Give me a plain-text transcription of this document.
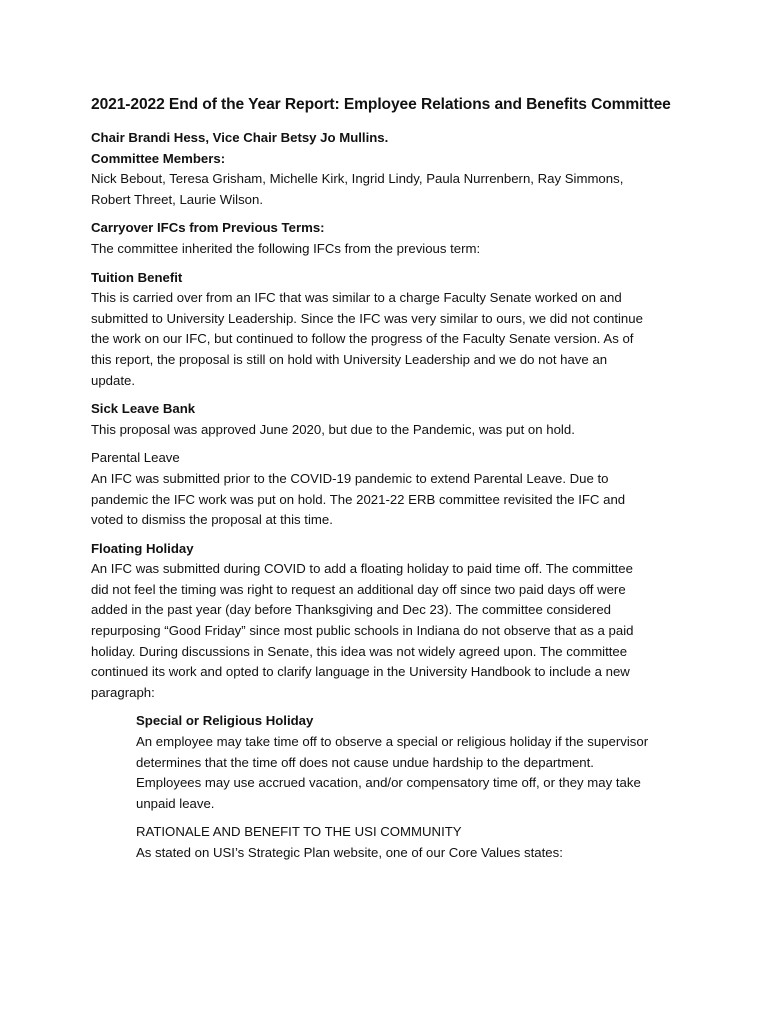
2021-2022 End of the Year Report: Employee Relations and Benefits Committee

Chair Brandi Hess, Vice Chair Betsy Jo Mullins.

Committee Members:

Nick Bebout, Teresa Grisham, Michelle Kirk, Ingrid Lindy, Paula Nurrenbern, Ray Simmons,

Robert Threet, Laurie Wilson.

Carryover IFCs from Previous Terms:

The committee inherited the following IFCs from the previous term:

Tuition Benefit

This is carried over from an IFC that was similar to a charge Faculty Senate worked on and

submitted to University Leadership. Since the IFC was very similar to ours, we did not continue

the work on our IFC, but continued to follow the progress of the Faculty Senate version. As of

this report, the proposal is still on hold with University Leadership and we do not have an

update.

Sick Leave Bank

This proposal was approved June 2020, but due to the Pandemic, was put on hold.

Parental Leave

An IFC was submitted prior to the COVID-19 pandemic to extend Parental Leave. Due to

pandemic the IFC work was put on hold. The 2021-22 ERB committee revisited the IFC and

voted to dismiss the proposal at this time.

Floating Holiday

An IFC was submitted during COVID to add a floating holiday to paid time off. The committee

did not feel the timing was right to request an additional day off since two paid days off were

added in the past year (day before Thanksgiving and Dec 23). The committee considered

repurposing “Good Friday” since most public schools in Indiana do not observe that as a paid

holiday. During discussions in Senate, this idea was not widely agreed upon. The committee

continued its work and opted to clarify language in the University Handbook to include a new

paragraph:

Special or Religious Holiday

An employee may take time off to observe a special or religious holiday if the supervisor

determines that the time off does not cause undue hardship to the department.

Employees may use accrued vacation, and/or compensatory time off, or they may take

unpaid leave.

RATIONALE AND BENEFIT TO THE USI COMMUNITY

As stated on USI’s Strategic Plan website, one of our Core Values states:
